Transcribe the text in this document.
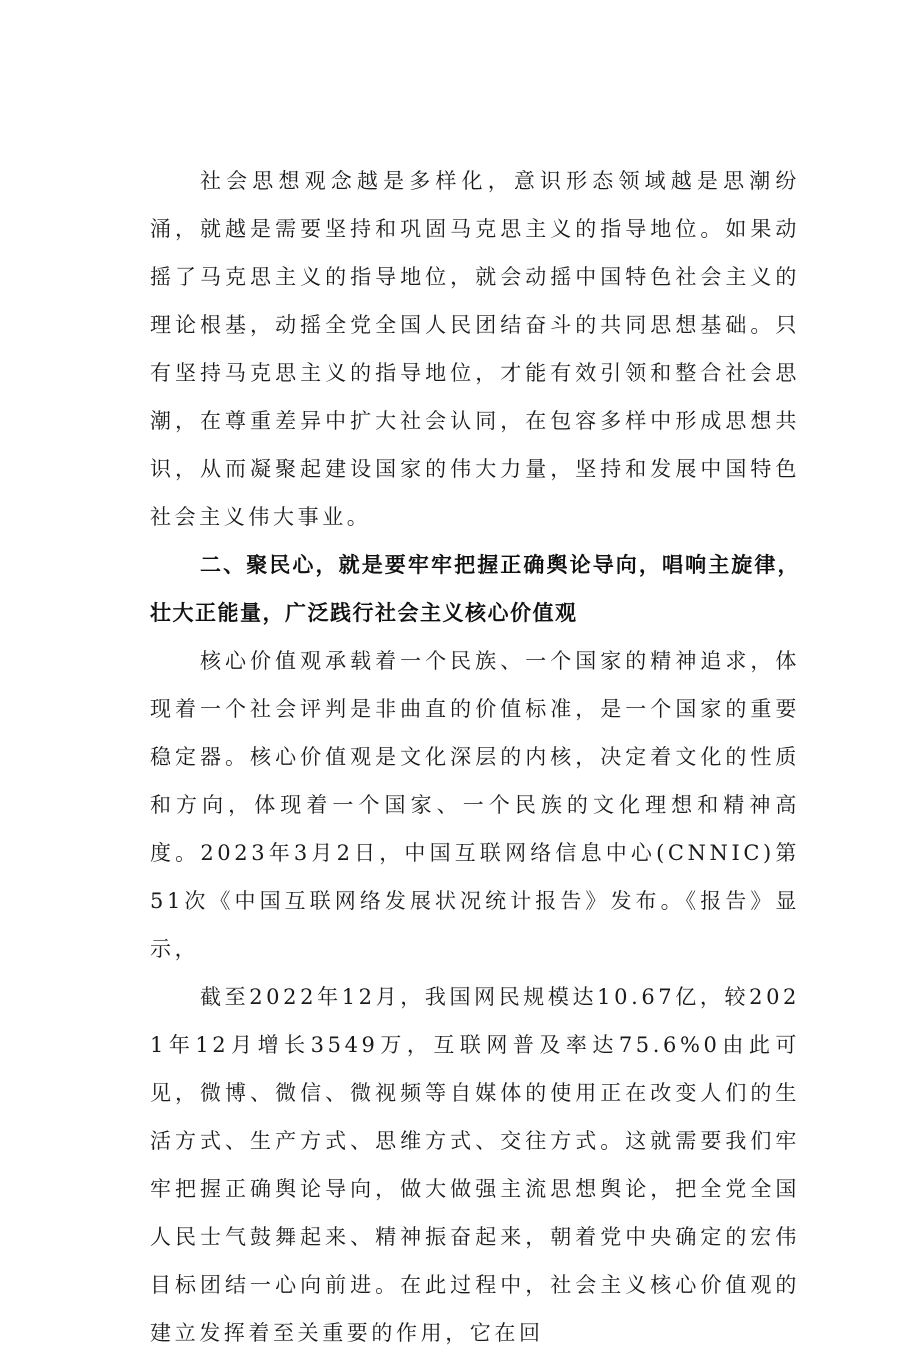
社会思想观念越是多样化，意识形态领域越是思潮纷涌，就越是需要坚持和巩固马克思主义的指导地位。如果动摇了马克思主义的指导地位，就会动摇中国特色社会主义的理论根基，动摇全党全国人民团结奋斗的共同思想基础。只有坚持马克思主义的指导地位，才能有效引领和整合社会思潮，在尊重差异中扩大社会认同，在包容多样中形成思想共识，从而凝聚起建设国家的伟大力量，坚持和发展中国特色社会主义伟大事业。

二、聚民心，就是要牢牢把握正确舆论导向，唱响主旋律，壮大正能量，广泛践行社会主义核心价值观

核心价值观承载着一个民族、一个国家的精神追求，体现着一个社会评判是非曲直的价值标准，是一个国家的重要稳定器。核心价值观是文化深层的内核，决定着文化的性质和方向，体现着一个国家、一个民族的文化理想和精神高度。2023年3月2日，中国互联网络信息中心(CNNIC)第51次《中国互联网络发展状况统计报告》发布。《报告》显示，

截至2022年12月，我国网民规模达10.67亿，较2021年12月增长3549万，互联网普及率达75.6%0由此可见，微博、微信、微视频等自媒体的使用正在改变人们的生活方式、生产方式、思维方式、交往方式。这就需要我们牢牢把握正确舆论导向，做大做强主流思想舆论，把全党全国人民士气鼓舞起来、精神振奋起来，朝着党中央确定的宏伟目标团结一心向前进。在此过程中，社会主义核心价值观的建立发挥着至关重要的作用，它在回
